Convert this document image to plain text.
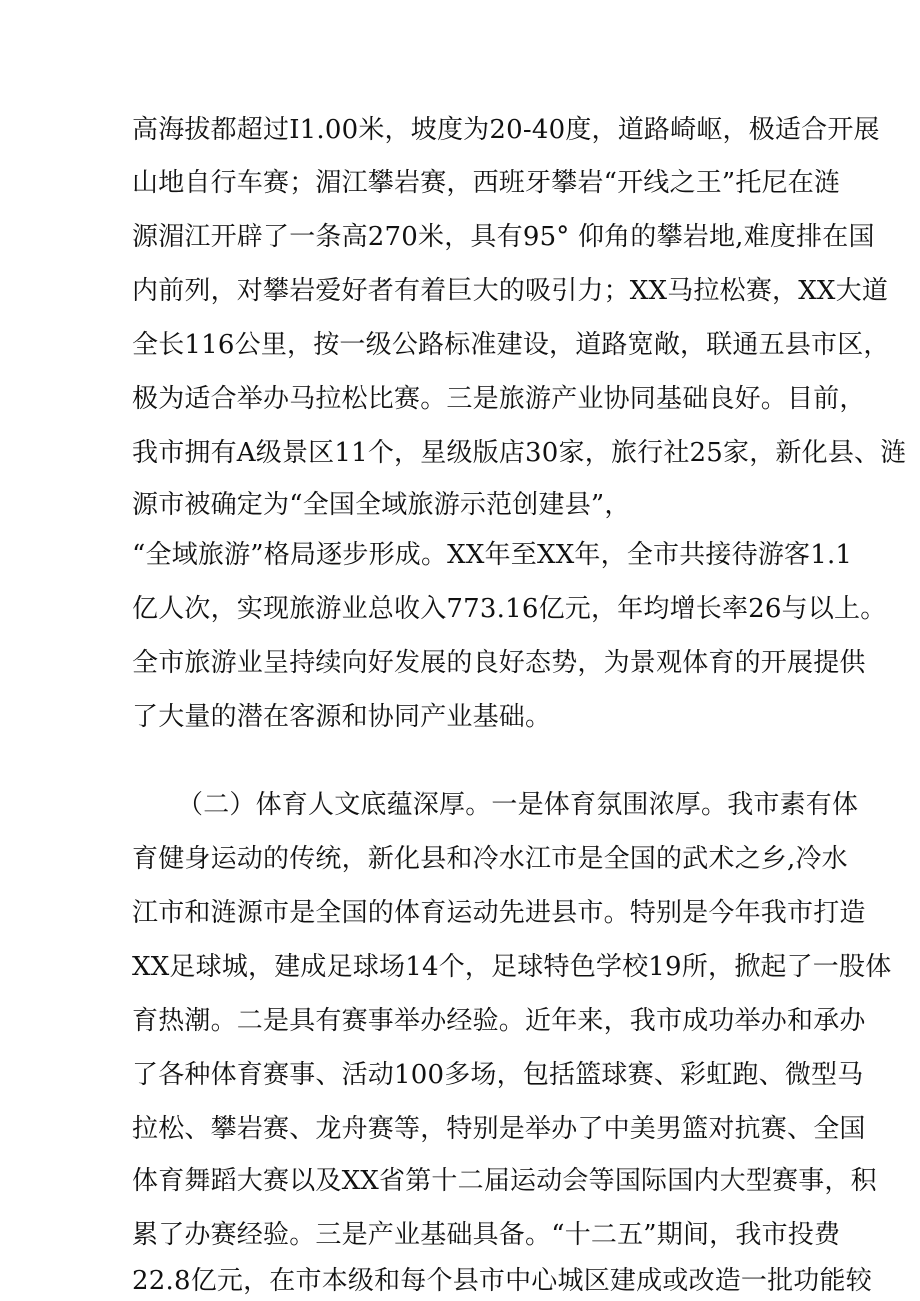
高海拔都超过I1.00米，坡度为20-40度，道路崎岖，极适合开展
山地自行车赛；湄江攀岩赛，西班牙攀岩“开线之王”托尼在涟
源湄江开辟了一条高270米，具有95° 仰角的攀岩地,难度排在国
内前列，对攀岩爱好者有着巨大的吸引力；XX马拉松赛，XX大道
全长116公里，按一级公路标准建设，道路宽敞，联通五县市区，
极为适合举办马拉松比赛。三是旅游产业协同基础良好。目前，
我市拥有A级景区11个，星级版店30家，旅行社25家，新化县、涟
源市被确定为“全国全域旅游示范创建县”，
“全域旅游”格局逐步形成。XX年至XX年，全市共接待游客1.1
亿人次，实现旅游业总收入773.16亿元，年均增长率26与以上。
全市旅游业呈持续向好发展的良好态势，为景观体育的开展提供
了大量的潜在客源和协同产业基础。
（二）体育人文底蕴深厚。一是体育氛围浓厚。我市素有体
育健身运动的传统，新化县和冷水江市是全国的武术之乡,冷水
江市和涟源市是全国的体育运动先进县市。特别是今年我市打造
XX足球城，建成足球场14个，足球特色学校19所，掀起了一股体
育热潮。二是具有赛事举办经验。近年来，我市成功举办和承办
了各种体育赛事、活动100多场，包括篮球赛、彩虹跑、微型马
拉松、攀岩赛、龙舟赛等，特别是举办了中美男篮对抗赛、全国
体育舞蹈大赛以及XX省第十二届运动会等国际国内大型赛事，积
累了办赛经验。三是产业基础具备。“十二五”期间，我市投费
22.8亿元，在市本级和每个县市中心城区建成或改造一批功能较
